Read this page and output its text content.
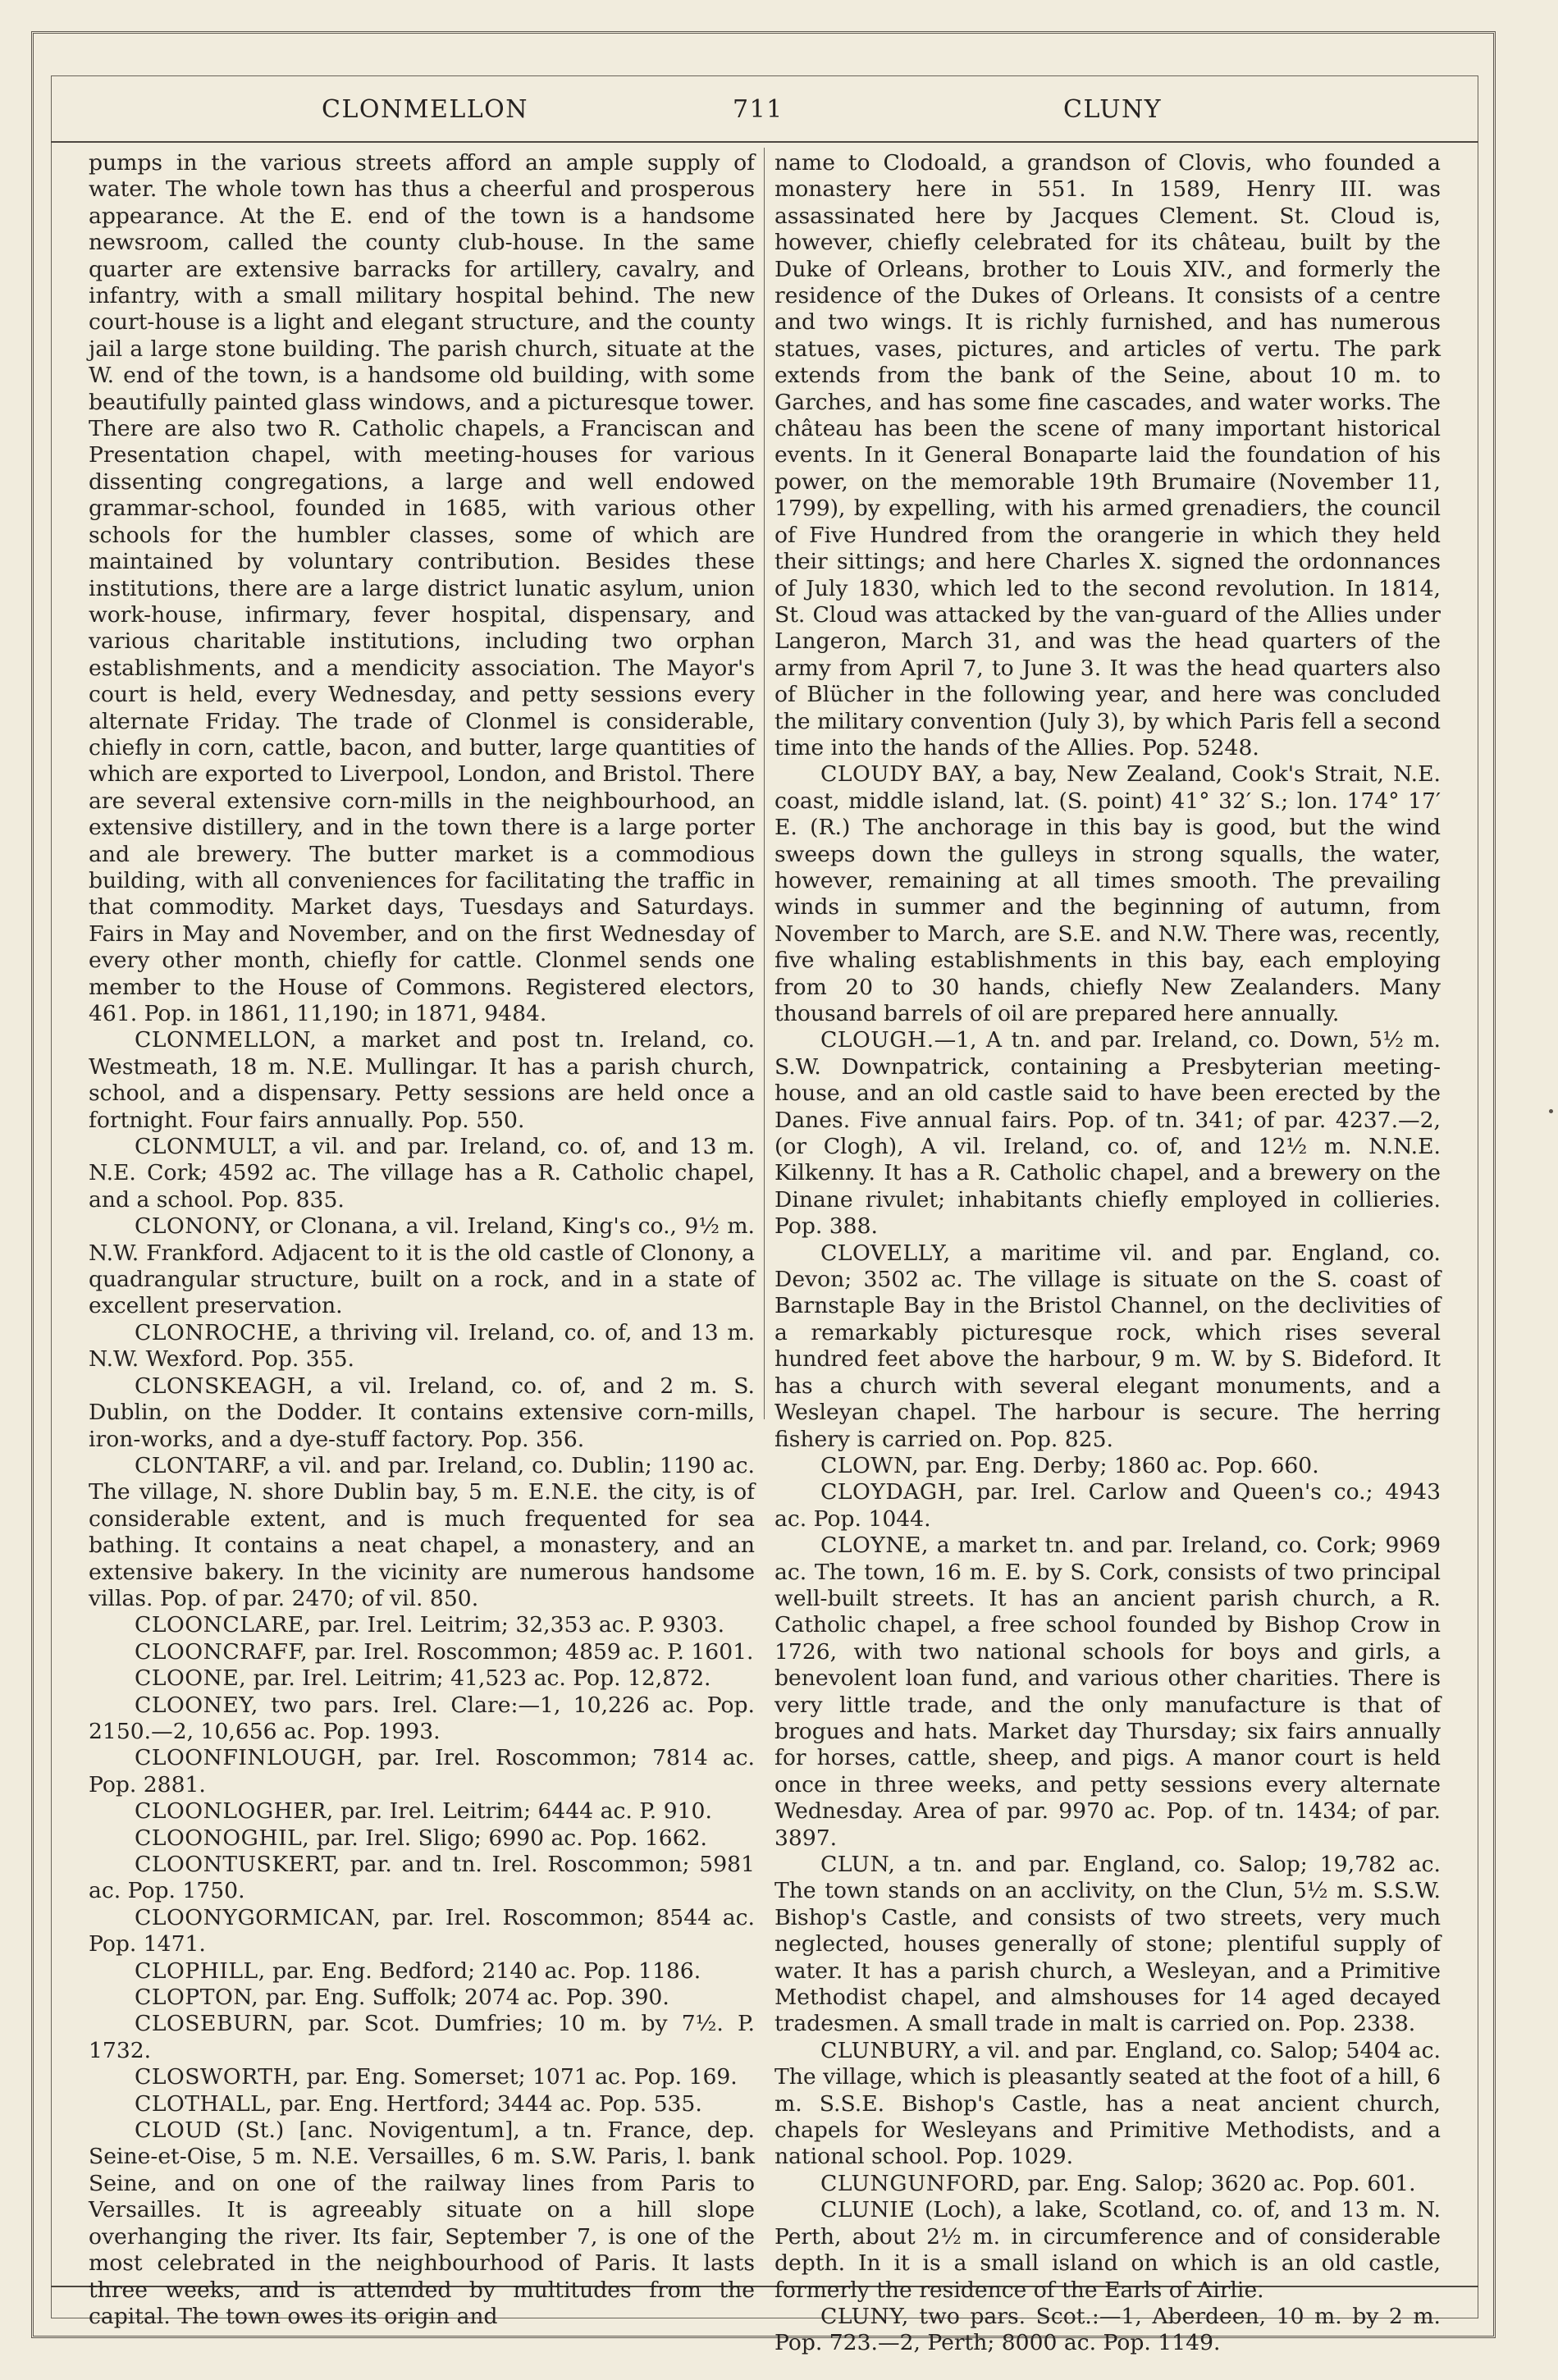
CLONMELLON	711	CLUNY

pumps in the various streets afford an ample supply of water. The whole town has thus a cheerful and prosperous appearance. At the E. end of the town is a handsome newsroom, called the county club-house. In the same quarter are extensive barracks for artillery, cavalry, and infantry, with a small military hospital behind. The new court-house is a light and elegant structure, and the county jail a large stone building. The parish church, situate at the W. end of the town, is a handsome old building, with some beautifully painted glass windows, and a picturesque tower. There are also two R. Catholic chapels, a Franciscan and Presentation chapel, with meeting-houses for various dissenting congregations, a large and well endowed grammar-school, founded in 1685, with various other schools for the humbler classes, some of which are maintained by voluntary contribution. Besides these institutions, there are a large district lunatic asylum, union work-house, infirmary, fever hospital, dispensary, and various charitable institutions, including two orphan establishments, and a mendicity association. The Mayor's court is held, every Wednesday, and petty sessions every alternate Friday. The trade of Clonmel is considerable, chiefly in corn, cattle, bacon, and butter, large quantities of which are exported to Liverpool, London, and Bristol. There are several extensive corn-mills in the neighbourhood, an extensive distillery, and in the town there is a large porter and ale brewery. The butter market is a commodious building, with all conveniences for facilitating the traffic in that commodity. Market days, Tuesdays and Saturdays. Fairs in May and November, and on the first Wednesday of every other month, chiefly for cattle. Clonmel sends one member to the House of Commons. Registered electors, 461. Pop. in 1861, 11,190; in 1871, 9484.

CLONMELLON, a market and post tn. Ireland, co. Westmeath, 18 m. N.E. Mullingar. It has a parish church, school, and a dispensary. Petty sessions are held once a fortnight. Four fairs annually. Pop. 550.

CLONMULT, a vil. and par. Ireland, co. of, and 13 m. N.E. Cork; 4592 ac. The village has a R. Catholic chapel, and a school. Pop. 835.

CLONONY, or Clonana, a vil. Ireland, King's co., 9½ m. N.W. Frankford. Adjacent to it is the old castle of Clonony, a quadrangular structure, built on a rock, and in a state of excellent preservation.

CLONROCHE, a thriving vil. Ireland, co. of, and 13 m. N.W. Wexford. Pop. 355.

CLONSKEAGH, a vil. Ireland, co. of, and 2 m. S. Dublin, on the Dodder. It contains extensive corn-mills, iron-works, and a dye-stuff factory. Pop. 356.

CLONTARF, a vil. and par. Ireland, co. Dublin; 1190 ac. The village, N. shore Dublin bay, 5 m. E.N.E. the city, is of considerable extent, and is much frequented for sea bathing. It contains a neat chapel, a monastery, and an extensive bakery. In the vicinity are numerous handsome villas. Pop. of par. 2470; of vil. 850.

CLOONCLARE, par. Irel. Leitrim; 32,353 ac. P. 9303.

CLOONCRAFF, par. Irel. Roscommon; 4859 ac. P. 1601.

CLOONE, par. Irel. Leitrim; 41,523 ac. Pop. 12,872.

CLOONEY, two pars. Irel. Clare:—1, 10,226 ac. Pop. 2150.—2, 10,656 ac. Pop. 1993.

CLOONFINLOUGH, par. Irel. Roscommon; 7814 ac. Pop. 2881.

CLOONLOGHER, par. Irel. Leitrim; 6444 ac. P. 910.

CLOONOGHIL, par. Irel. Sligo; 6990 ac. Pop. 1662.

CLOONTUSKERT, par. and tn. Irel. Roscommon; 5981 ac. Pop. 1750.

CLOONYGORMICAN, par. Irel. Roscommon; 8544 ac. Pop. 1471.

CLOPHILL, par. Eng. Bedford; 2140 ac. Pop. 1186.

CLOPTON, par. Eng. Suffolk; 2074 ac. Pop. 390.

CLOSEBURN, par. Scot. Dumfries; 10 m. by 7½. P. 1732.

CLOSWORTH, par. Eng. Somerset; 1071 ac. Pop. 169.

CLOTHALL, par. Eng. Hertford; 3444 ac. Pop. 535.

CLOUD (St.) [anc. Novigentum], a tn. France, dep. Seine-et-Oise, 5 m. N.E. Versailles, 6 m. S.W. Paris, l. bank Seine, and on one of the railway lines from Paris to Versailles. It is agreeably situate on a hill slope overhanging the river. Its fair, September 7, is one of the most celebrated in the neighbourhood of Paris. It lasts three weeks, and is attended by multitudes from the capital. The town owes its origin and

name to Clodoald, a grandson of Clovis, who founded a monastery here in 551. In 1589, Henry III. was assassinated here by Jacques Clement. St. Cloud is, however, chiefly celebrated for its château, built by the Duke of Orleans, brother to Louis XIV., and formerly the residence of the Dukes of Orleans. It consists of a centre and two wings. It is richly furnished, and has numerous statues, vases, pictures, and articles of vertu. The park extends from the bank of the Seine, about 10 m. to Garches, and has some fine cascades, and water works. The château has been the scene of many important historical events. In it General Bonaparte laid the foundation of his power, on the memorable 19th Brumaire (November 11, 1799), by expelling, with his armed grenadiers, the council of Five Hundred from the orangerie in which they held their sittings; and here Charles X. signed the ordonnances of July 1830, which led to the second revolution. In 1814, St. Cloud was attacked by the van-guard of the Allies under Langeron, March 31, and was the head quarters of the army from April 7, to June 3. It was the head quarters also of Blücher in the following year, and here was concluded the military convention (July 3), by which Paris fell a second time into the hands of the Allies. Pop. 5248.

CLOUDY BAY, a bay, New Zealand, Cook's Strait, N.E. coast, middle island, lat. (S. point) 41° 32′ S.; lon. 174° 17′ E. (R.) The anchorage in this bay is good, but the wind sweeps down the gulleys in strong squalls, the water, however, remaining at all times smooth. The prevailing winds in summer and the beginning of autumn, from November to March, are S.E. and N.W. There was, recently, five whaling establishments in this bay, each employing from 20 to 30 hands, chiefly New Zealanders. Many thousand barrels of oil are prepared here annually.

CLOUGH.—1, A tn. and par. Ireland, co. Down, 5½ m. S.W. Downpatrick, containing a Presbyterian meeting-house, and an old castle said to have been erected by the Danes. Five annual fairs. Pop. of tn. 341; of par. 4237.—2, (or Clogh), A vil. Ireland, co. of, and 12½ m. N.N.E. Kilkenny. It has a R. Catholic chapel, and a brewery on the Dinane rivulet; inhabitants chiefly employed in collieries. Pop. 388.

CLOVELLY, a maritime vil. and par. England, co. Devon; 3502 ac. The village is situate on the S. coast of Barnstaple Bay in the Bristol Channel, on the declivities of a remarkably picturesque rock, which rises several hundred feet above the harbour, 9 m. W. by S. Bideford. It has a church with several elegant monuments, and a Wesleyan chapel. The harbour is secure. The herring fishery is carried on. Pop. 825.

CLOWN, par. Eng. Derby; 1860 ac. Pop. 660.

CLOYDAGH, par. Irel. Carlow and Queen's co.; 4943 ac. Pop. 1044.

CLOYNE, a market tn. and par. Ireland, co. Cork; 9969 ac. The town, 16 m. E. by S. Cork, consists of two principal well-built streets. It has an ancient parish church, a R. Catholic chapel, a free school founded by Bishop Crow in 1726, with two national schools for boys and girls, a benevolent loan fund, and various other charities. There is very little trade, and the only manufacture is that of brogues and hats. Market day Thursday; six fairs annually for horses, cattle, sheep, and pigs. A manor court is held once in three weeks, and petty sessions every alternate Wednesday. Area of par. 9970 ac. Pop. of tn. 1434; of par. 3897.

CLUN, a tn. and par. England, co. Salop; 19,782 ac. The town stands on an acclivity, on the Clun, 5½ m. S.S.W. Bishop's Castle, and consists of two streets, very much neglected, houses generally of stone; plentiful supply of water. It has a parish church, a Wesleyan, and a Primitive Methodist chapel, and almshouses for 14 aged decayed tradesmen. A small trade in malt is carried on. Pop. 2338.

CLUNBURY, a vil. and par. England, co. Salop; 5404 ac. The village, which is pleasantly seated at the foot of a hill, 6 m. S.S.E. Bishop's Castle, has a neat ancient church, chapels for Wesleyans and Primitive Methodists, and a national school. Pop. 1029.

CLUNGUNFORD, par. Eng. Salop; 3620 ac. Pop. 601.

CLUNIE (Loch), a lake, Scotland, co. of, and 13 m. N. Perth, about 2½ m. in circumference and of considerable depth. In it is a small island on which is an old castle, formerly the residence of the Earls of Airlie.

CLUNY, two pars. Scot.:—1, Aberdeen, 10 m. by 2 m. Pop. 723.—2, Perth; 8000 ac. Pop. 1149.
